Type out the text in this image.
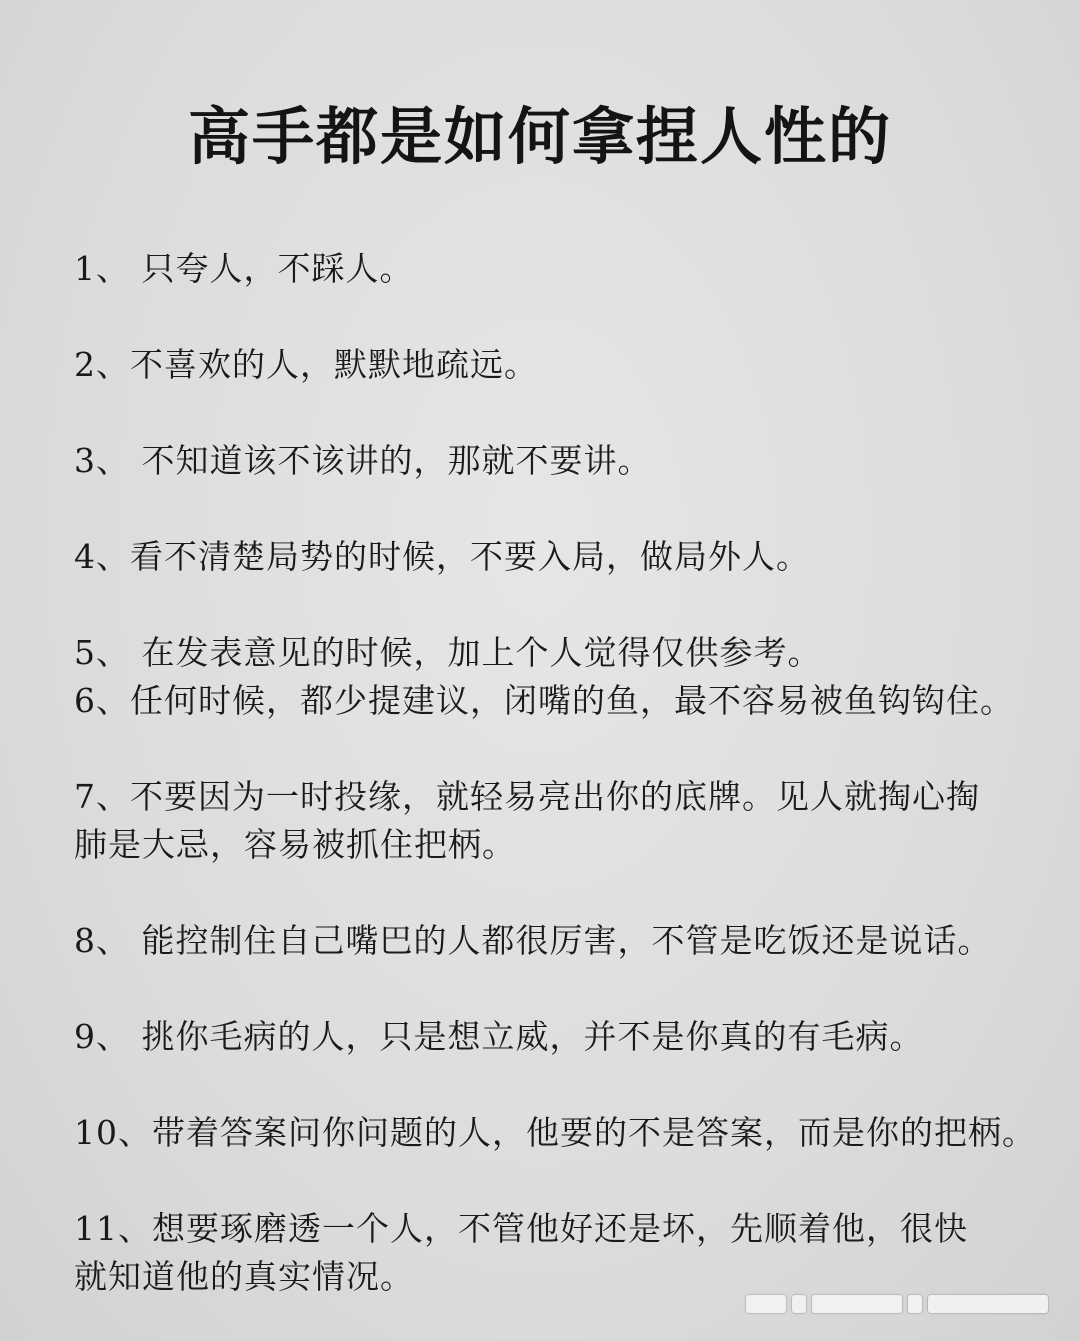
高手都是如何拿捏人性的
1、 只夸人，不踩人。
2、不喜欢的人，默默地疏远。
3、 不知道该不该讲的，那就不要讲。
4、看不清楚局势的时候，不要入局，做局外人。
5、 在发表意见的时候，加上个人觉得仅供参考。
6、任何时候，都少提建议，闭嘴的鱼，最不容易被鱼钩钩住。
7、不要因为一时投缘，就轻易亮出你的底牌。见人就掏心掏
肺是大忌，容易被抓住把柄。
8、 能控制住自己嘴巴的人都很厉害，不管是吃饭还是说话。
9、 挑你毛病的人，只是想立威，并不是你真的有毛病。
10、带着答案问你问题的人，他要的不是答案，而是你的把柄。
11、想要琢磨透一个人，不管他好还是坏，先顺着他，很快
就知道他的真实情况。
